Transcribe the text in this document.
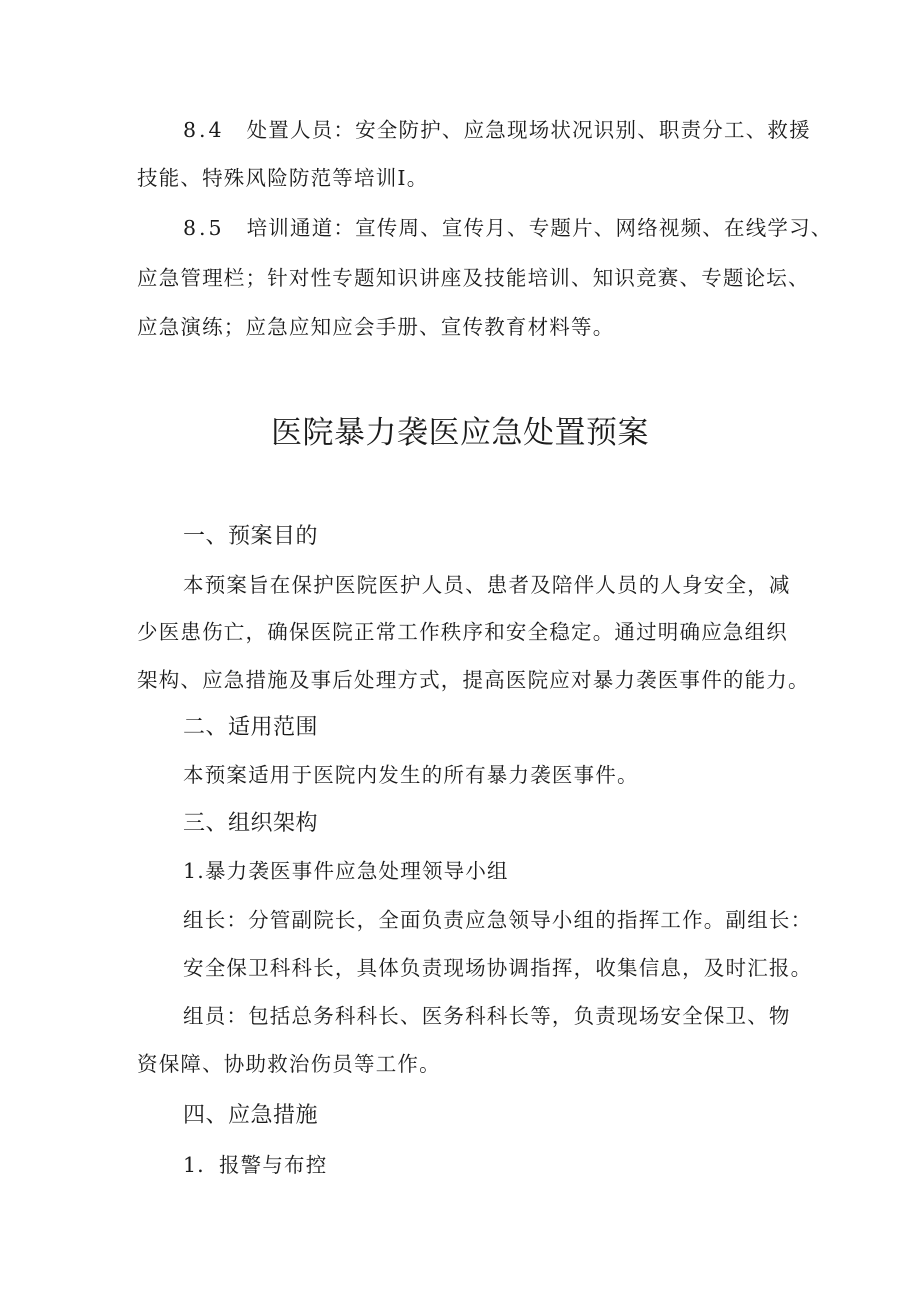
8.4 处置人员：安全防护、应急现场状况识别、职责分工、救援
技能、特殊风险防范等培训I。
8.5 培训通道：宣传周、宣传月、专题片、网络视频、在线学习、
应急管理栏；针对性专题知识讲座及技能培训、知识竞赛、专题论坛、
应急演练；应急应知应会手册、宣传教育材料等。
医院暴力袭医应急处置预案
一、预案目的
本预案旨在保护医院医护人员、患者及陪伴人员的人身安全，减
少医患伤亡，确保医院正常工作秩序和安全稳定。通过明确应急组织
架构、应急措施及事后处理方式，提高医院应对暴力袭医事件的能力。
二、适用范围
本预案适用于医院内发生的所有暴力袭医事件。
三、组织架构
1.暴力袭医事件应急处理领导小组
组长：分管副院长，全面负责应急领导小组的指挥工作。副组长：
安全保卫科科长，具体负责现场协调指挥，收集信息，及时汇报。
组员：包括总务科科长、医务科科长等，负责现场安全保卫、物
资保障、协助救治伤员等工作。
四、应急措施
1．报警与布控
